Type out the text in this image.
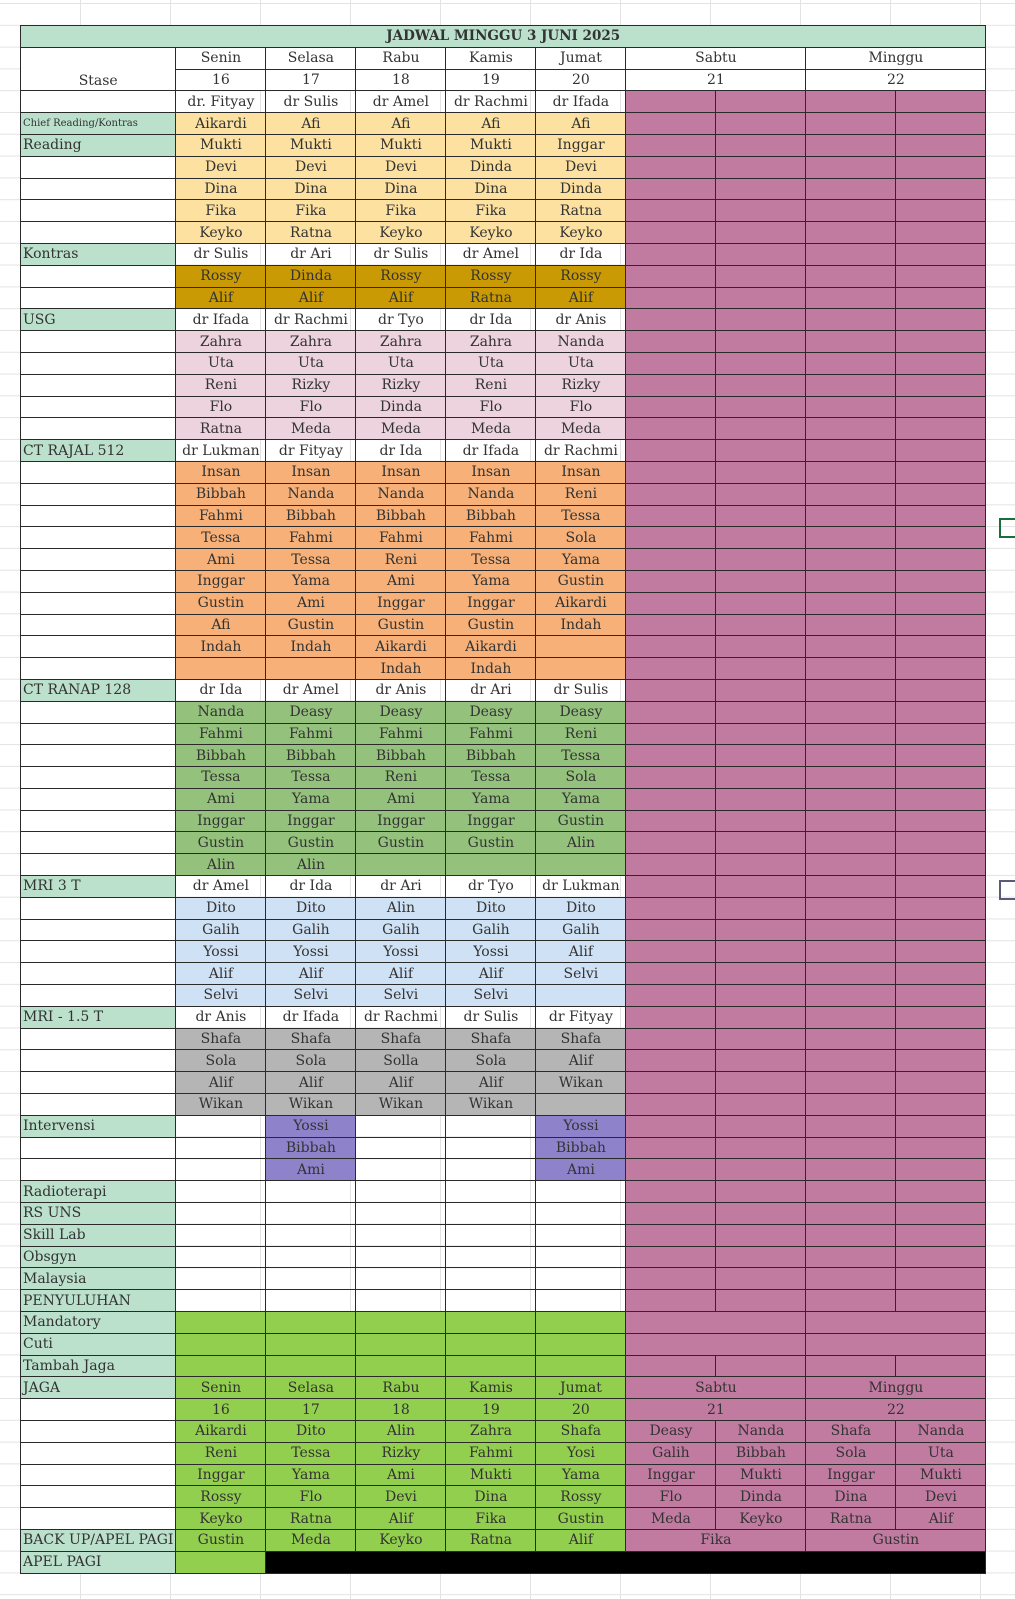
JADWAL MINGGU 3 JUNI 2025									
Stase	Senin	Selasa	Rabu	Kamis	Jumat	Sabtu		Minggu	
	16	17	18	19	20	21		22	
	dr. Fityay	dr Sulis	dr Amel	dr Rachmi	dr Ifada				
Chief Reading/Kontras	Aikardi	Afi	Afi	Afi	Afi				
Reading	Mukti	Mukti	Mukti	Mukti	Inggar				
	Devi	Devi	Devi	Dinda	Devi				
	Dina	Dina	Dina	Dina	Dinda				
	Fika	Fika	Fika	Fika	Ratna				
	Keyko	Ratna	Keyko	Keyko	Keyko				
Kontras	dr Sulis	dr Ari	dr Sulis	dr Amel	dr Ida				
	Rossy	Dinda	Rossy	Rossy	Rossy				
	Alif	Alif	Alif	Ratna	Alif				
USG	dr Ifada	dr Rachmi	dr Tyo	dr Ida	dr Anis				
	Zahra	Zahra	Zahra	Zahra	Nanda				
	Uta	Uta	Uta	Uta	Uta				
	Reni	Rizky	Rizky	Reni	Rizky				
	Flo	Flo	Dinda	Flo	Flo				
	Ratna	Meda	Meda	Meda	Meda				
CT RAJAL 512	dr Lukman	dr Fityay	dr Ida	dr Ifada	dr Rachmi				
	Insan	Insan	Insan	Insan	Insan				
	Bibbah	Nanda	Nanda	Nanda	Reni				
	Fahmi	Bibbah	Bibbah	Bibbah	Tessa				
	Tessa	Fahmi	Fahmi	Fahmi	Sola				
	Ami	Tessa	Reni	Tessa	Yama				
	Inggar	Yama	Ami	Yama	Gustin				
	Gustin	Ami	Inggar	Inggar	Aikardi				
	Afi	Gustin	Gustin	Gustin	Indah				
	Indah	Indah	Aikardi	Aikardi					
			Indah	Indah					
CT RANAP 128	dr Ida	dr Amel	dr Anis	dr Ari	dr Sulis				
	Nanda	Deasy	Deasy	Deasy	Deasy				
	Fahmi	Fahmi	Fahmi	Fahmi	Reni				
	Bibbah	Bibbah	Bibbah	Bibbah	Tessa				
	Tessa	Tessa	Reni	Tessa	Sola				
	Ami	Yama	Ami	Yama	Yama				
	Inggar	Inggar	Inggar	Inggar	Gustin				
	Gustin	Gustin	Gustin	Gustin	Alin				
	Alin	Alin							
MRI 3 T	dr Amel	dr Ida	dr Ari	dr Tyo	dr Lukman				
	Dito	Dito	Alin	Dito	Dito				
	Galih	Galih	Galih	Galih	Galih				
	Yossi	Yossi	Yossi	Yossi	Alif				
	Alif	Alif	Alif	Alif	Selvi				
	Selvi	Selvi	Selvi	Selvi					
MRI - 1.5 T	dr Anis	dr Ifada	dr Rachmi	dr Sulis	dr Fityay				
	Shafa	Shafa	Shafa	Shafa	Shafa				
	Sola	Sola	Solla	Sola	Alif				
	Alif	Alif	Alif	Alif	Wikan				
	Wikan	Wikan	Wikan	Wikan					
Intervensi		Yossi			Yossi				
		Bibbah			Bibbah				
		Ami			Ami				
Radioterapi									
RS UNS									
Skill Lab									
Obsgyn									
Malaysia									
PENYULUHAN									
Mandatory									
Cuti									
Tambah Jaga									
JAGA	Senin	Selasa	Rabu	Kamis	Jumat	Sabtu		Minggu	
	16	17	18	19	20	21		22	
	Aikardi	Dito	Alin	Zahra	Shafa	Deasy	Nanda	Shafa	Nanda
	Reni	Tessa	Rizky	Fahmi	Yosi	Galih	Bibbah	Sola	Uta
	Inggar	Yama	Ami	Mukti	Yama	Inggar	Mukti	Inggar	Mukti
	Rossy	Flo	Devi	Dina	Rossy	Flo	Dinda	Dina	Devi
	Keyko	Ratna	Alif	Fika	Gustin	Meda	Keyko	Ratna	Alif
BACK UP/APEL PAGI	Gustin	Meda	Keyko	Ratna	Alif	Fika		Gustin	
APEL PAGI									
